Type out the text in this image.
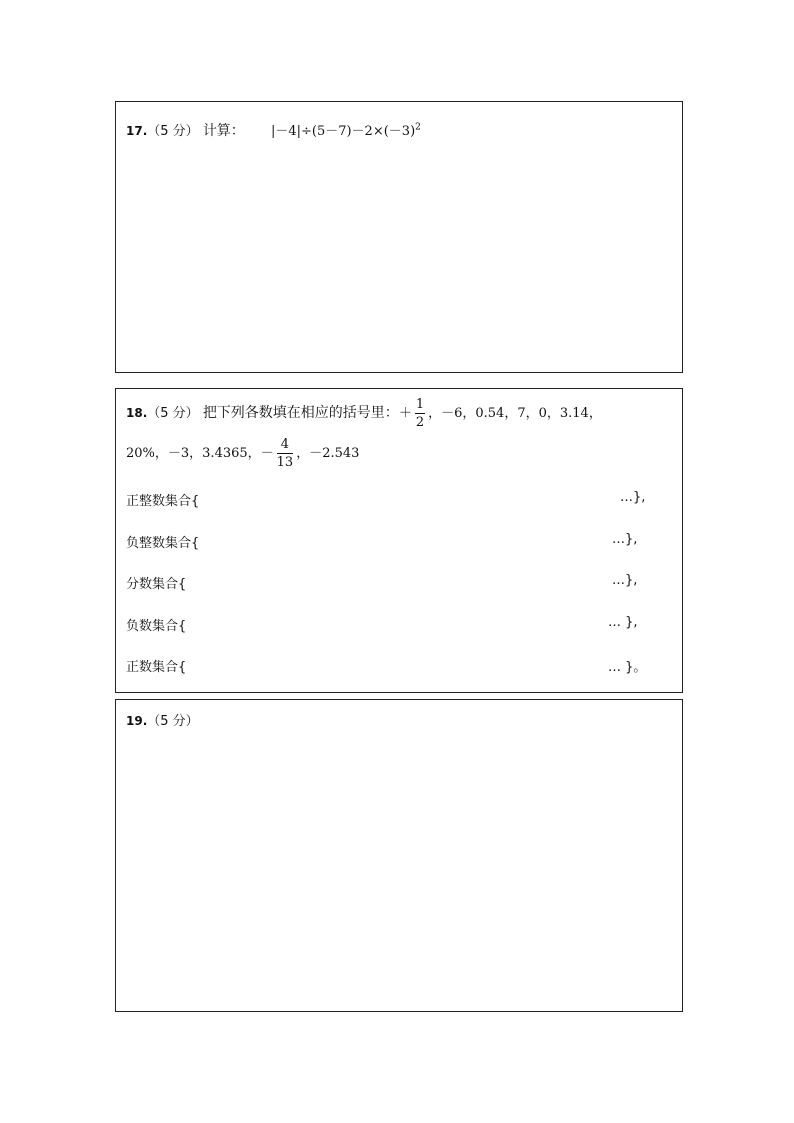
17.（5 分） 计算： $|-4|\div(5-7)-2\times(-3)^2$
18.（5 分） 把下列各数填在相应的括号里：＋ $\frac{1}{2}$ ，－6，0.54，7，0，3.14，
20%，－3，3.4365，－ $\frac{4}{13}$ ，－2.543
正整数集合{	…},
负整数集合{	…},
分数集合{	…},
负数集合{	… },
正数集合{	… }。
19.（5 分）
